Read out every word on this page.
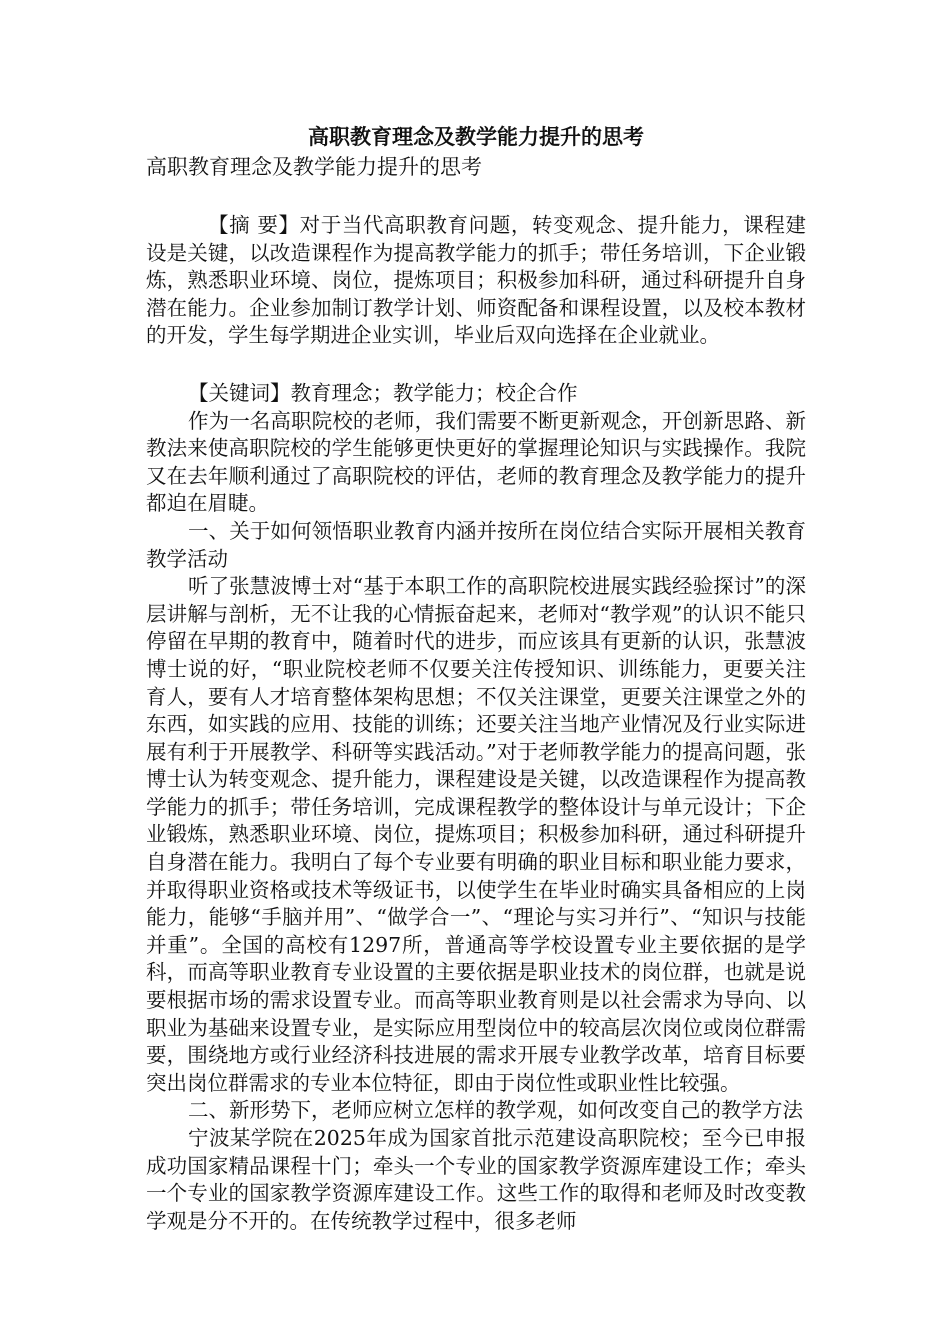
高职教育理念及教学能力提升的思考

高职教育理念及教学能力提升的思考

【摘 要】对于当代高职教育问题，转变观念、提升能力，课程建设是关键，以改造课程作为提高教学能力的抓手；带任务培训，下企业锻炼，熟悉职业环境、岗位，提炼项目；积极参加科研，通过科研提升自身潜在能力。企业参加制订教学计划、师资配备和课程设置，以及校本教材的开发，学生每学期进企业实训，毕业后双向选择在企业就业。

【关键词】教育理念；教学能力；校企合作

作为一名高职院校的老师，我们需要不断更新观念，开创新思路、新教法来使高职院校的学生能够更快更好的掌握理论知识与实践操作。我院又在去年顺利通过了高职院校的评估，老师的教育理念及教学能力的提升都迫在眉睫。

一、关于如何领悟职业教育内涵并按所在岗位结合实际开展相关教育教学活动

听了张慧波博士对“基于本职工作的高职院校进展实践经验探讨”的深层讲解与剖析，无不让我的心情振奋起来，老师对“教学观”的认识不能只停留在早期的教育中，随着时代的进步，而应该具有更新的认识，张慧波博士说的好，“职业院校老师不仅要关注传授知识、训练能力，更要关注育人，要有人才培育整体架构思想；不仅关注课堂，更要关注课堂之外的东西，如实践的应用、技能的训练；还要关注当地产业情况及行业实际进展有利于开展教学、科研等实践活动。”对于老师教学能力的提高问题，张博士认为转变观念、提升能力，课程建设是关键，以改造课程作为提高教学能力的抓手；带任务培训，完成课程教学的整体设计与单元设计；下企业锻炼，熟悉职业环境、岗位，提炼项目；积极参加科研，通过科研提升自身潜在能力。我明白了每个专业要有明确的职业目标和职业能力要求，并取得职业资格或技术等级证书，以使学生在毕业时确实具备相应的上岗能力，能够“手脑并用”、“做学合一”、“理论与实习并行”、“知识与技能并重”。全国的高校有1297所，普通高等学校设置专业主要依据的是学科，而高等职业教育专业设置的主要依据是职业技术的岗位群，也就是说要根据市场的需求设置专业。而高等职业教育则是以社会需求为导向、以职业为基础来设置专业，是实际应用型岗位中的较高层次岗位或岗位群需要，围绕地方或行业经济科技进展的需求开展专业教学改革，培育目标要突出岗位群需求的专业本位特征，即由于岗位性或职业性比较强。

二、新形势下，老师应树立怎样的教学观，如何改变自己的教学方法

宁波某学院在2025年成为国家首批示范建设高职院校；至今已申报成功国家精品课程十门；牵头一个专业的国家教学资源库建设工作；牵头一个专业的国家教学资源库建设工作。这些工作的取得和老师及时改变教学观是分不开的。在传统教学过程中，很多老师
